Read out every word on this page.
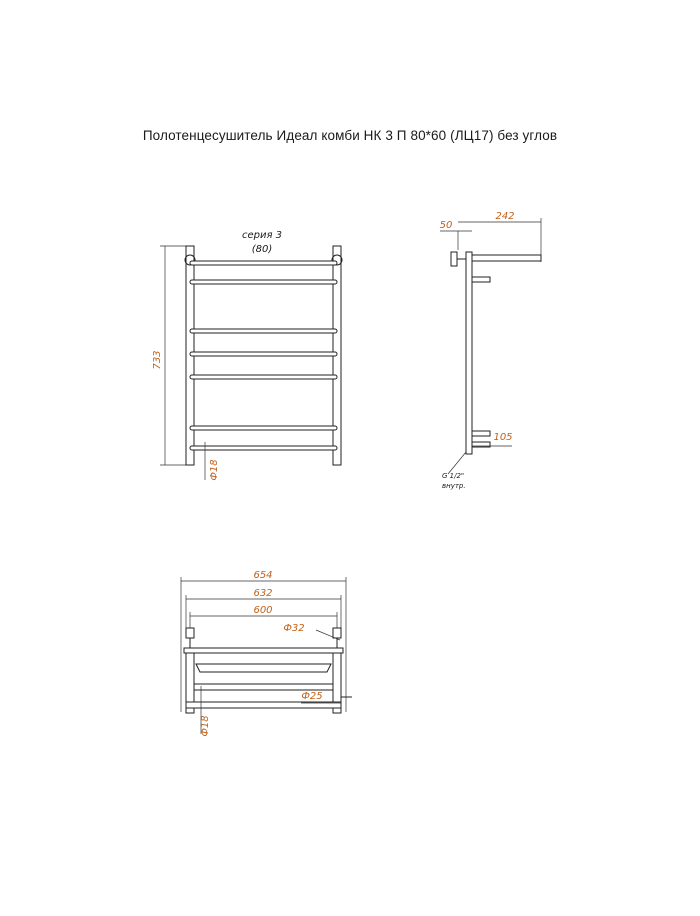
Полотенцесушитель Идеал комби НК 3 П 80*60 (ЛЦ17) без углов
733
серия 3
(80)
Ф18
50
242
105
G 1/2"
внутр.
654
632
600
Ф32
Ф25
Ф18
